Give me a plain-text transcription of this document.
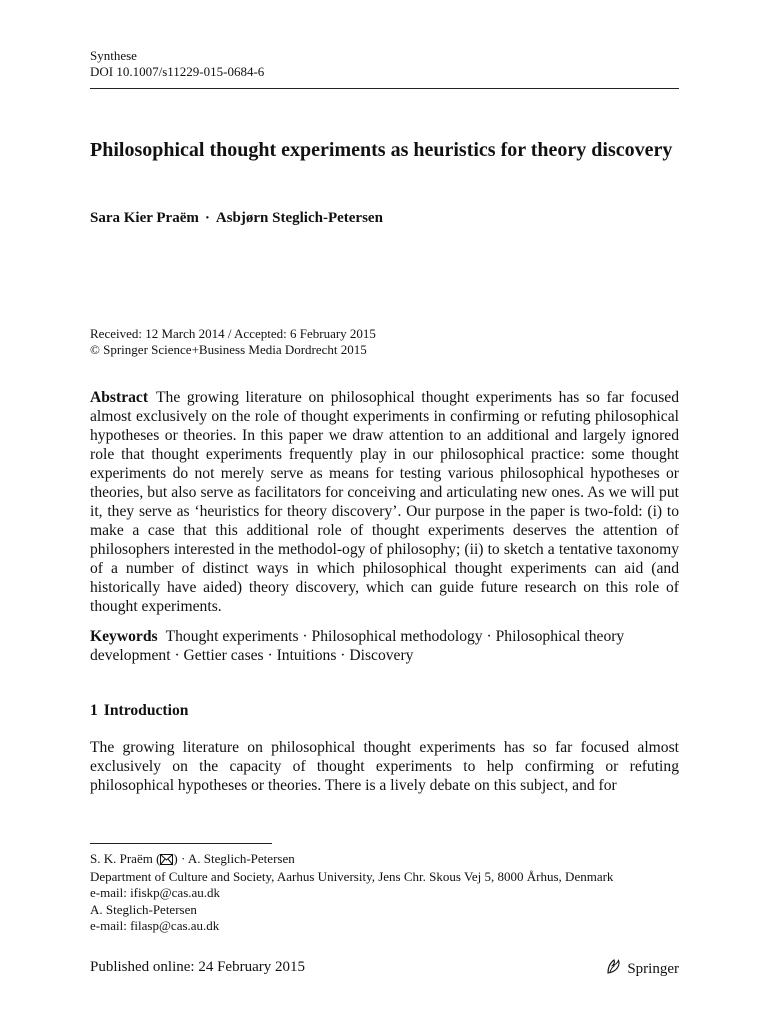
Synthese
DOI 10.1007/s11229-015-0684-6
Philosophical thought experiments as heuristics for theory discovery
Sara Kier Praëm · Asbjørn Steglich-Petersen
Received: 12 March 2014 / Accepted: 6 February 2015
© Springer Science+Business Media Dordrecht 2015
Abstract The growing literature on philosophical thought experiments has so far focused almost exclusively on the role of thought experiments in confirming or refuting philosophical hypotheses or theories. In this paper we draw attention to an additional and largely ignored role that thought experiments frequently play in our philosophical practice: some thought experiments do not merely serve as means for testing various philosophical hypotheses or theories, but also serve as facilitators for conceiving and articulating new ones. As we will put it, they serve as ‘heuristics for theory discovery’. Our purpose in the paper is two-fold: (i) to make a case that this additional role of thought experiments deserves the attention of philosophers interested in the methodol-ogy of philosophy; (ii) to sketch a tentative taxonomy of a number of distinct ways in which philosophical thought experiments can aid (and historically have aided) theory discovery, which can guide future research on this role of thought experiments.
Keywords Thought experiments · Philosophical methodology · Philosophical theory development · Gettier cases · Intuitions · Discovery
1 Introduction
The growing literature on philosophical thought experiments has so far focused almost exclusively on the capacity of thought experiments to help confirming or refuting philosophical hypotheses or theories. There is a lively debate on this subject, and for
S. K. Praëm ( ) · A. Steglich-Petersen
Department of Culture and Society, Aarhus University, Jens Chr. Skous Vej 5, 8000 Århus, Denmark
e-mail: ifiskp@cas.au.dk
A. Steglich-Petersen
e-mail: filasp@cas.au.dk
Published online: 24 February 2015	Springer
